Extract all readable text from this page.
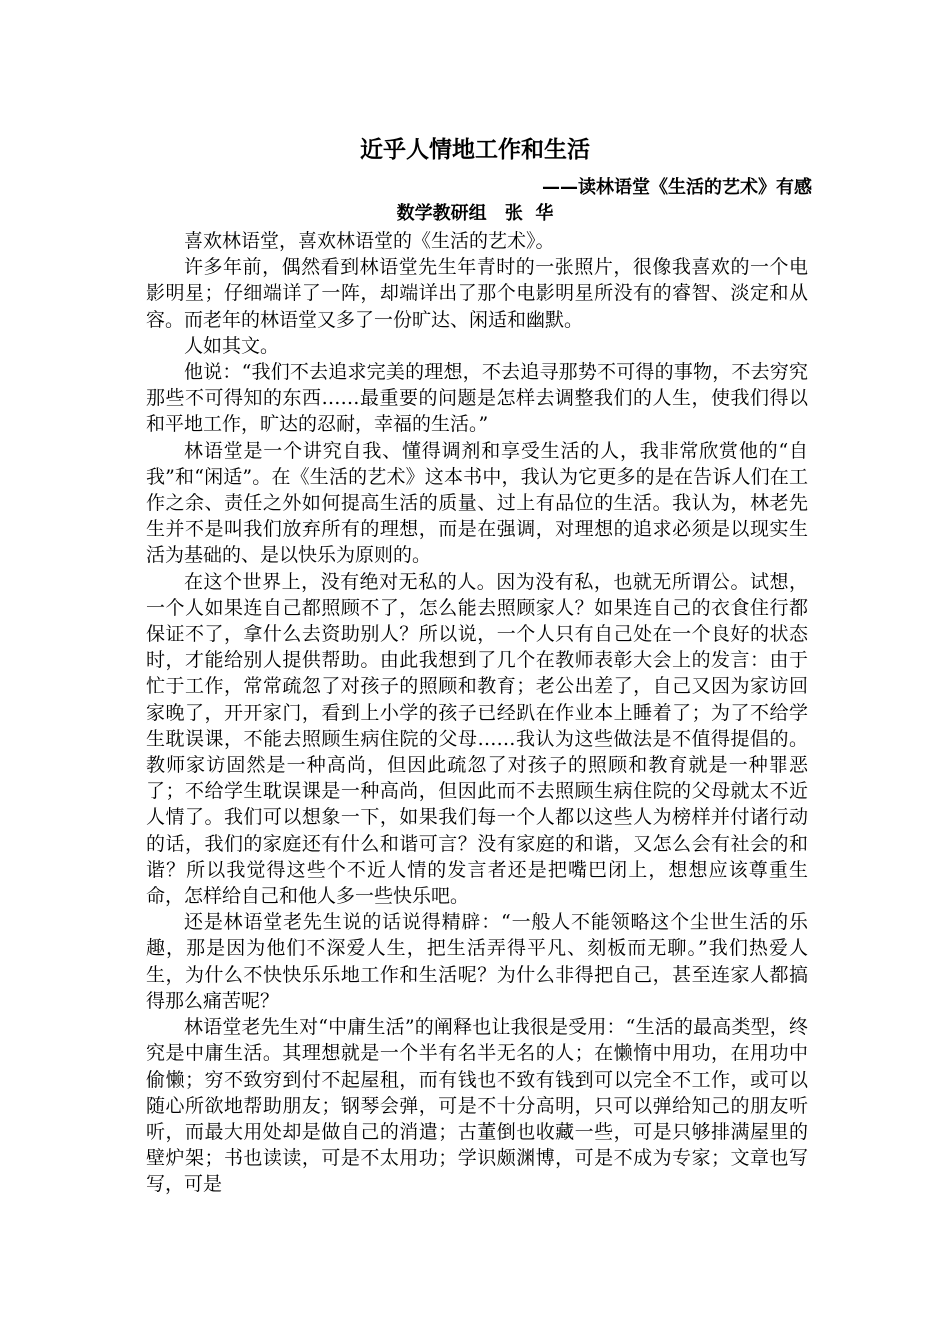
近乎人情地工作和生活
——读林语堂《生活的艺术》有感
数学教研组 张  华

喜欢林语堂，喜欢林语堂的《生活的艺术》。

许多年前，偶然看到林语堂先生年青时的一张照片，很像我喜欢的一个电影明星；仔细端详了一阵，却端详出了那个电影明星所没有的睿智、淡定和从容。而老年的林语堂又多了一份旷达、闲适和幽默。

人如其文。

他说：“我们不去追求完美的理想，不去追寻那势不可得的事物，不去穷究那些不可得知的东西……最重要的问题是怎样去调整我们的人生，使我们得以和平地工作，旷达的忍耐，幸福的生活。”

林语堂是一个讲究自我、懂得调剂和享受生活的人，我非常欣赏他的“自我”和“闲适”。在《生活的艺术》这本书中，我认为它更多的是在告诉人们在工作之余、责任之外如何提高生活的质量、过上有品位的生活。我认为，林老先生并不是叫我们放弃所有的理想，而是在强调，对理想的追求必须是以现实生活为基础的、是以快乐为原则的。

在这个世界上，没有绝对无私的人。因为没有私，也就无所谓公。试想，一个人如果连自己都照顾不了，怎么能去照顾家人？如果连自己的衣食住行都保证不了，拿什么去资助别人？所以说，一个人只有自己处在一个良好的状态时，才能给别人提供帮助。由此我想到了几个在教师表彰大会上的发言：由于忙于工作，常常疏忽了对孩子的照顾和教育；老公出差了，自己又因为家访回家晚了，开开家门，看到上小学的孩子已经趴在作业本上睡着了；为了不给学生耽误课，不能去照顾生病住院的父母……我认为这些做法是不值得提倡的。教师家访固然是一种高尚，但因此疏忽了对孩子的照顾和教育就是一种罪恶了；不给学生耽误课是一种高尚，但因此而不去照顾生病住院的父母就太不近人情了。我们可以想象一下，如果我们每一个人都以这些人为榜样并付诸行动的话，我们的家庭还有什么和谐可言？没有家庭的和谐，又怎么会有社会的和谐？所以我觉得这些个不近人情的发言者还是把嘴巴闭上，想想应该尊重生命，怎样给自己和他人多一些快乐吧。

还是林语堂老先生说的话说得精辟：“一般人不能领略这个尘世生活的乐趣，那是因为他们不深爱人生，把生活弄得平凡、刻板而无聊。”我们热爱人生，为什么不快快乐乐地工作和生活呢？为什么非得把自己，甚至连家人都搞得那么痛苦呢？

林语堂老先生对“中庸生活”的阐释也让我很是受用：“生活的最高类型，终究是中庸生活。其理想就是一个半有名半无名的人；在懒惰中用功，在用功中偷懒；穷不致穷到付不起屋租，而有钱也不致有钱到可以完全不工作，或可以随心所欲地帮助朋友；钢琴会弹，可是不十分高明，只可以弹给知己的朋友听听，而最大用处却是做自己的消遣；古董倒也收藏一些，可是只够排满屋里的壁炉架；书也读读，可是不太用功；学识颇渊博，可是不成为专家；文章也写写，可是
